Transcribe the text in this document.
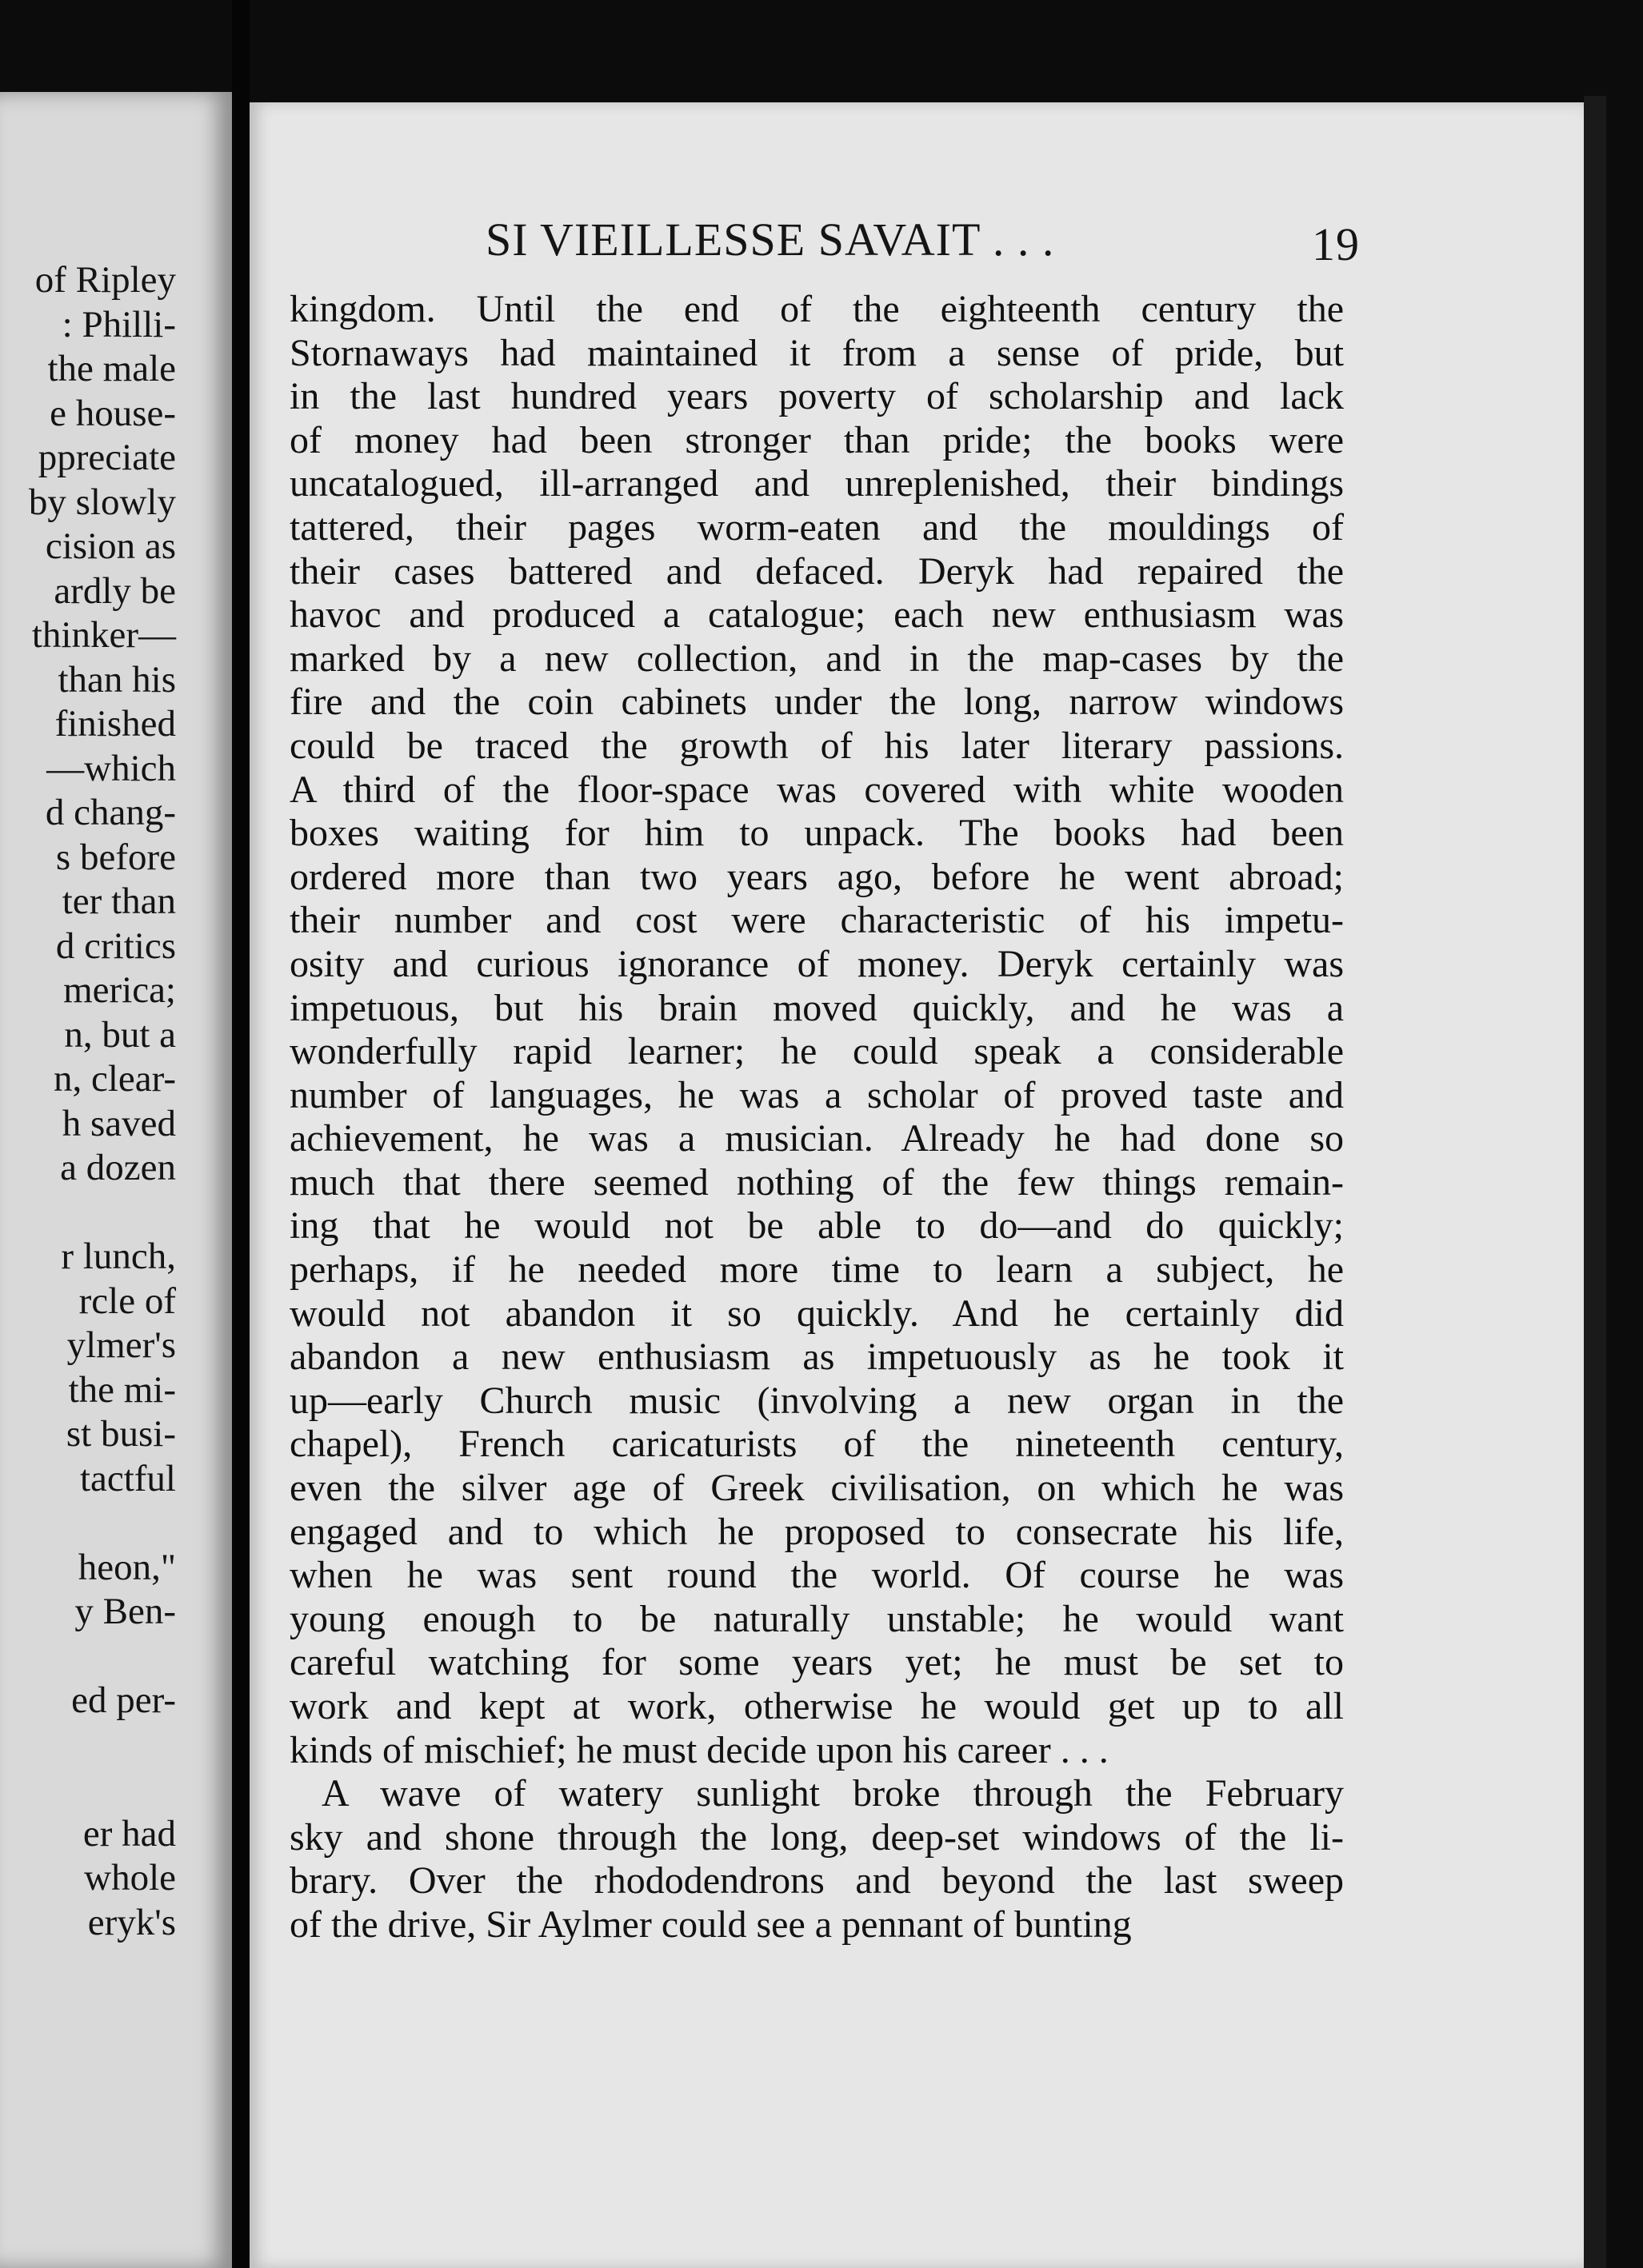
of Ripley
: Philli-
the male
e house-
ppreciate
by slowly
cision as
ardly be
thinker—
than his
finished
—which
d chang-
s before
ter than
d critics
merica;
n, but a
n, clear-
h saved
a dozen
r lunch,
rcle of
ylmer's
the mi-
st busi-
tactful
heon,"
y Ben-
ed per-
er had
whole
eryk's
SI VIEILLESSE SAVAIT . . .	19
kingdom. Until the end of the eighteenth century the
Stornaways had maintained it from a sense of pride, but
in the last hundred years poverty of scholarship and lack
of money had been stronger than pride; the books were
uncatalogued, ill-arranged and unreplenished, their bindings
tattered, their pages worm-eaten and the mouldings of
their cases battered and defaced. Deryk had repaired the
havoc and produced a catalogue; each new enthusiasm was
marked by a new collection, and in the map-cases by the
fire and the coin cabinets under the long, narrow windows
could be traced the growth of his later literary passions.
A third of the floor-space was covered with white wooden
boxes waiting for him to unpack. The books had been
ordered more than two years ago, before he went abroad;
their number and cost were characteristic of his impetu-
osity and curious ignorance of money. Deryk certainly was
impetuous, but his brain moved quickly, and he was a
wonderfully rapid learner; he could speak a considerable
number of languages, he was a scholar of proved taste and
achievement, he was a musician. Already he had done so
much that there seemed nothing of the few things remain-
ing that he would not be able to do—and do quickly;
perhaps, if he needed more time to learn a subject, he
would not abandon it so quickly. And he certainly did
abandon a new enthusiasm as impetuously as he took it
up—early Church music (involving a new organ in the
chapel), French caricaturists of the nineteenth century,
even the silver age of Greek civilisation, on which he was
engaged and to which he proposed to consecrate his life,
when he was sent round the world. Of course he was
young enough to be naturally unstable; he would want
careful watching for some years yet; he must be set to
work and kept at work, otherwise he would get up to all
kinds of mischief; he must decide upon his career . . .
A wave of watery sunlight broke through the February
sky and shone through the long, deep-set windows of the li-
brary. Over the rhododendrons and beyond the last sweep
of the drive, Sir Aylmer could see a pennant of bunting
